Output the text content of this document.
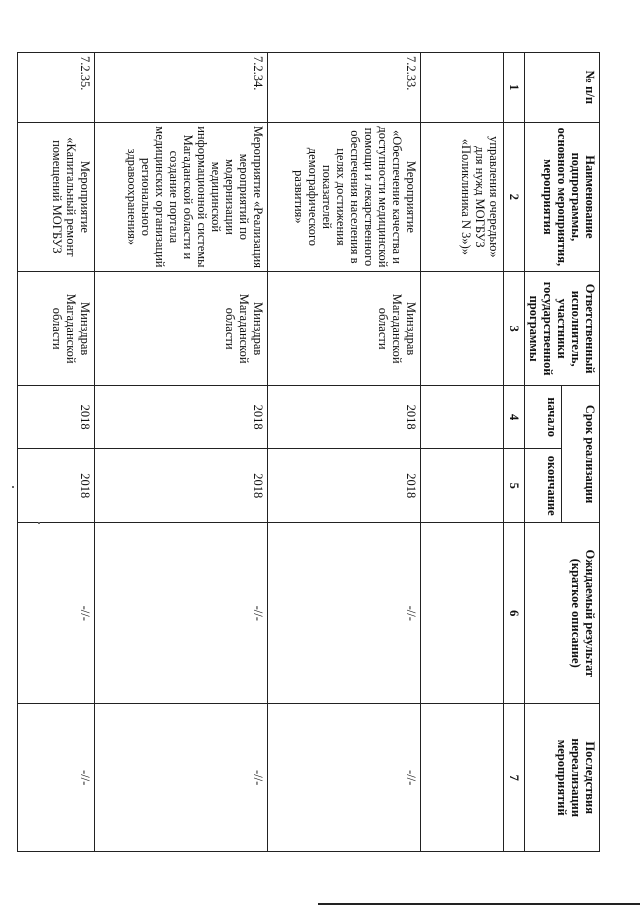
№ п/п	Наименование подпрограммы, основного мероприятия, мероприятия	Ответственный исполнитель, участники государственной программы	Срок реализации		Ожидаемый результат (краткое описание)	Последствия нереализации мероприятий
			начало	окончание		
1	2	3	4	5	6	7
	управления очередью» для нужд МОГБУЗ «Поликлиника N 3»)»					
7.2.33.	Мероприятие «Обеспечение качества и доступности медицинской помощи и лекарственного обеспечения населения в целях достижения показателей демографического развития»	Минздрав Магаданской области	2018	2018	-//-	-//-
7.2.34.	Мероприятие «Реализация мероприятий по модернизации медицинской информационной системы Магаданской области и создание портала медицинских организаций регионального здравоохранения»	Минздрав Магаданской области	2018	2018	-//-	-//-
7.2.35.	Мероприятие «Капитальный ремонт помещений МОГБУЗ	Минздрав Магаданской области	2018	2018	-//-	-//-
